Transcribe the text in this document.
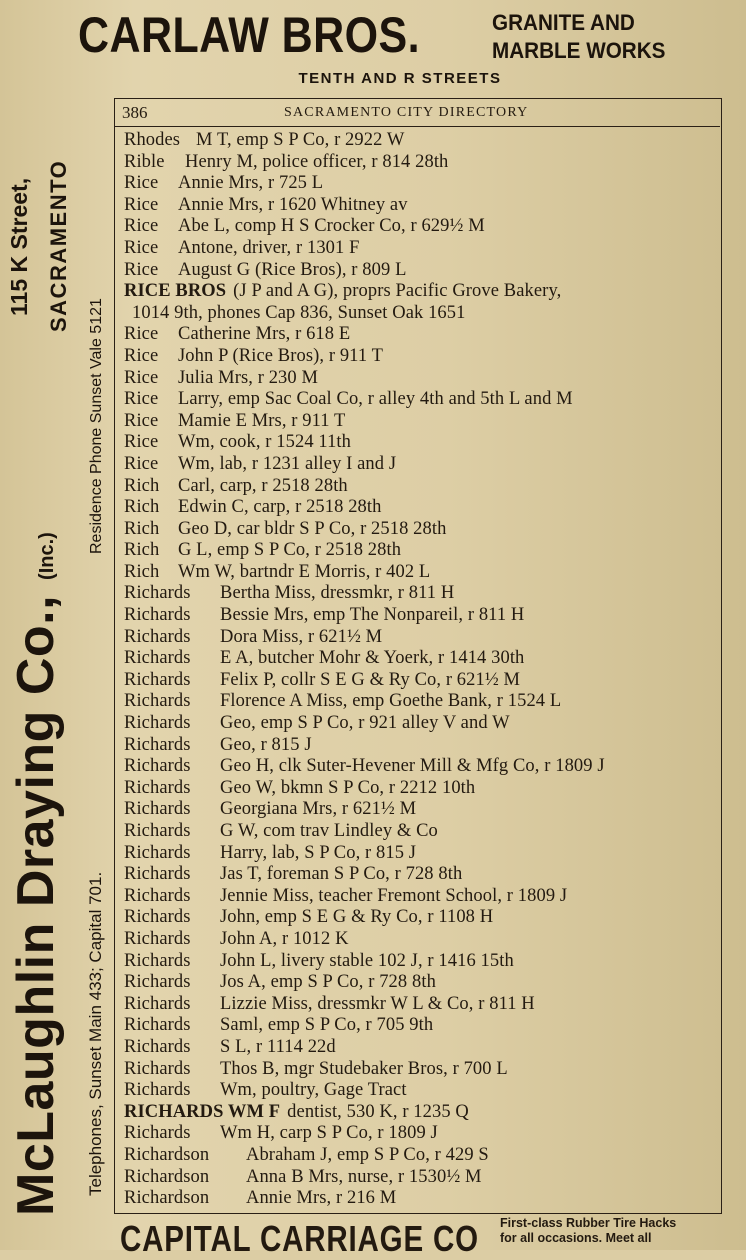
CARLAW BROS.	GRANITE AND
MARBLE WORKS
TENTH AND R STREETS
McLaughlin Draying Co., (Inc.)
115 K Street, SACRAMENTO
Telephones, Sunset Main 433; Capital 701.
Residence Phone Sunset Vale 5121
386	SACRAMENTO CITY DIRECTORY
Rhodes M T, emp S P Co, r 2922 W
Rible Henry M, police officer, r 814 28th
Rice Annie Mrs, r 725 L
Rice Annie Mrs, r 1620 Whitney av
Rice Abe L, comp H S Crocker Co, r 629½ M
Rice Antone, driver, r 1301 F
Rice August G (Rice Bros), r 809 L
RICE BROS (J P and A G), proprs Pacific Grove Bakery,
1014 9th, phones Cap 836, Sunset Oak 1651
Rice Catherine Mrs, r 618 E
Rice John P (Rice Bros), r 911 T
Rice Julia Mrs, r 230 M
Rice Larry, emp Sac Coal Co, r alley 4th and 5th L and M
Rice Mamie E Mrs, r 911 T
Rice Wm, cook, r 1524 11th
Rice Wm, lab, r 1231 alley I and J
Rich Carl, carp, r 2518 28th
Rich Edwin C, carp, r 2518 28th
Rich Geo D, car bldr S P Co, r 2518 28th
Rich G L, emp S P Co, r 2518 28th
Rich Wm W, bartndr E Morris, r 402 L
Richards Bertha Miss, dressmkr, r 811 H
Richards Bessie Mrs, emp The Nonpareil, r 811 H
Richards Dora Miss, r 621½ M
Richards E A, butcher Mohr & Yoerk, r 1414 30th
Richards Felix P, collr S E G & Ry Co, r 621½ M
Richards Florence A Miss, emp Goethe Bank, r 1524 L
Richards Geo, emp S P Co, r 921 alley V and W
Richards Geo, r 815 J
Richards Geo H, clk Suter-Hevener Mill & Mfg Co, r 1809 J
Richards Geo W, bkmn S P Co, r 2212 10th
Richards Georgiana Mrs, r 621½ M
Richards G W, com trav Lindley & Co
Richards Harry, lab, S P Co, r 815 J
Richards Jas T, foreman S P Co, r 728 8th
Richards Jennie Miss, teacher Fremont School, r 1809 J
Richards John, emp S E G & Ry Co, r 1108 H
Richards John A, r 1012 K
Richards John L, livery stable 102 J, r 1416 15th
Richards Jos A, emp S P Co, r 728 8th
Richards Lizzie Miss, dressmkr W L & Co, r 811 H
Richards Saml, emp S P Co, r 705 9th
Richards S L, r 1114 22d
Richards Thos B, mgr Studebaker Bros, r 700 L
Richards Wm, poultry, Gage Tract
RICHARDS WM F dentist, 530 K, r 1235 Q
Richards Wm H, carp S P Co, r 1809 J
Richardson Abraham J, emp S P Co, r 429 S
Richardson Anna B Mrs, nurse, r 1530½ M
Richardson Annie Mrs, r 216 M
CAPITAL CARRIAGE CO First-class Rubber Tire Hacks
for all occasions. Meet all
